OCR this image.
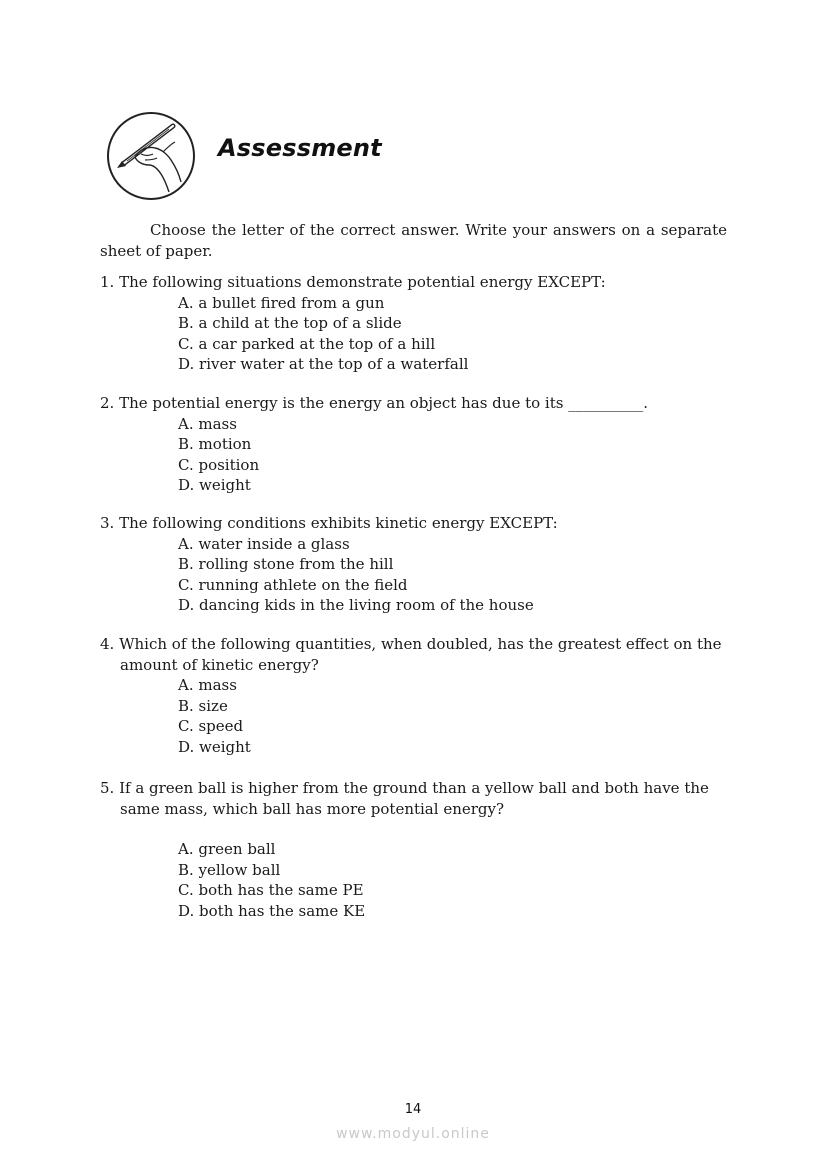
Assessment
Choose the letter of the correct answer. Write your answers on a separate sheet of paper.
1. The following situations demonstrate potential energy EXCEPT:
A. a bullet fired from a gun
B. a child at the top of a slide
C. a car parked at the top of a hill
D. river water at the top of a waterfall
2. The potential energy is the energy an object has due to its __________.
A. mass
B. motion
C. position
D. weight
3. The following conditions exhibits kinetic energy EXCEPT:
A. water inside a glass
B. rolling stone from the hill
C. running athlete on the field
D. dancing kids in the living room of the house
4. Which of the following quantities, when doubled, has the greatest effect on the amount of kinetic energy?
A. mass
B. size
C. speed
D. weight
5. If a green ball is higher from the ground than a yellow ball and both have the same mass, which ball has more potential energy?
A. green ball
B. yellow ball
C. both has the same PE
D. both has the same KE
14
www.modyul.online
